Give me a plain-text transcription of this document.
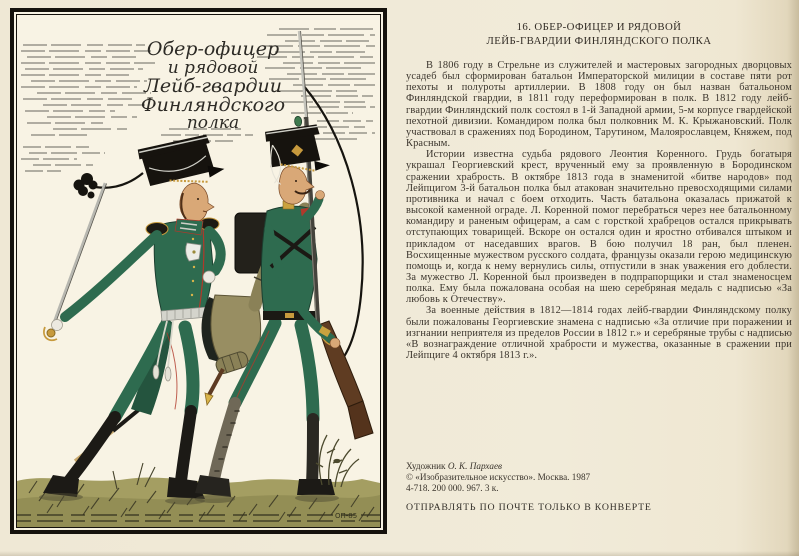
Обер-офицер
и рядовой
Лейб-гвардии
Финляндского
полка
ОП-85
16. ОБЕР-ОФИЦЕР И РЯДОВОЙ
ЛЕЙБ-ГВАРДИИ ФИНЛЯНДСКОГО ПОЛКА

В 1806 году в Стрельне из служителей и мастеровых загородных дворцовых усадеб был сформирован батальон Императорской милиции в составе пяти рот пехоты и полуроты артиллерии. В 1808 году он был назван батальоном Финляндской гвардии, в 1811 году переформирован в полк. В 1812 году лейб-гвардии Финляндский полк состоял в 1-й Западной армии, 5-м корпусе гвардейской пехотной дивизии. Командиром полка был полковник М. К. Крыжановский. Полк участвовал в сражениях под Бородином, Тарутином, Малоярославцем, Княжем, под Красным.

Истории известна судьба рядового Леонтия Коренного. Грудь богатыря украшал Георгиевский крест, врученный ему за проявленную в Бородинском сражении храбрость. В октябре 1813 года в знаменитой «битве народов» под Лейпцигом 3-й батальон полка был атакован значительно превосходящими силами противника и начал с боем отходить. Часть батальона оказалась прижатой к высокой каменной ограде. Л. Коренной помог перебраться через нее батальонному командиру и раненым офицерам, а сам с горсткой храбрецов остался прикрывать отступающих товарищей. Вскоре он остался один и яростно отбивался штыком и прикладом от наседавших врагов. В бою получил 18 ран, был пленен. Восхищенные мужеством русского солдата, французы оказали герою медицинскую помощь и, когда к нему вернулись силы, отпустили в знак уважения его доблести. За мужество Л. Коренной был произведен в подпрапорщики и стал знаменосцем полка. Ему была пожалована особая на шею серебряная медаль с надписью «За любовь к Отечеству».

За военные действия в 1812—1814 годах лейб-гвардии Финляндскому полку были пожалованы Георгиевские знамена с надписью «За отличие при поражении и изгнании неприятеля из пределов России в 1812 г.» и серебряные трубы с надписью «В вознаграждение отличной храбрости и мужества, оказанные в сражении при Лейпциге 4 октября 1813 г.».

Художник О. К. Пархаев
© «Изобразительное искусство». Москва. 1987
4-718. 200 000. 967. 3 к.
ОТПРАВЛЯТЬ ПО ПОЧТЕ ТОЛЬКО В КОНВЕРТЕ
